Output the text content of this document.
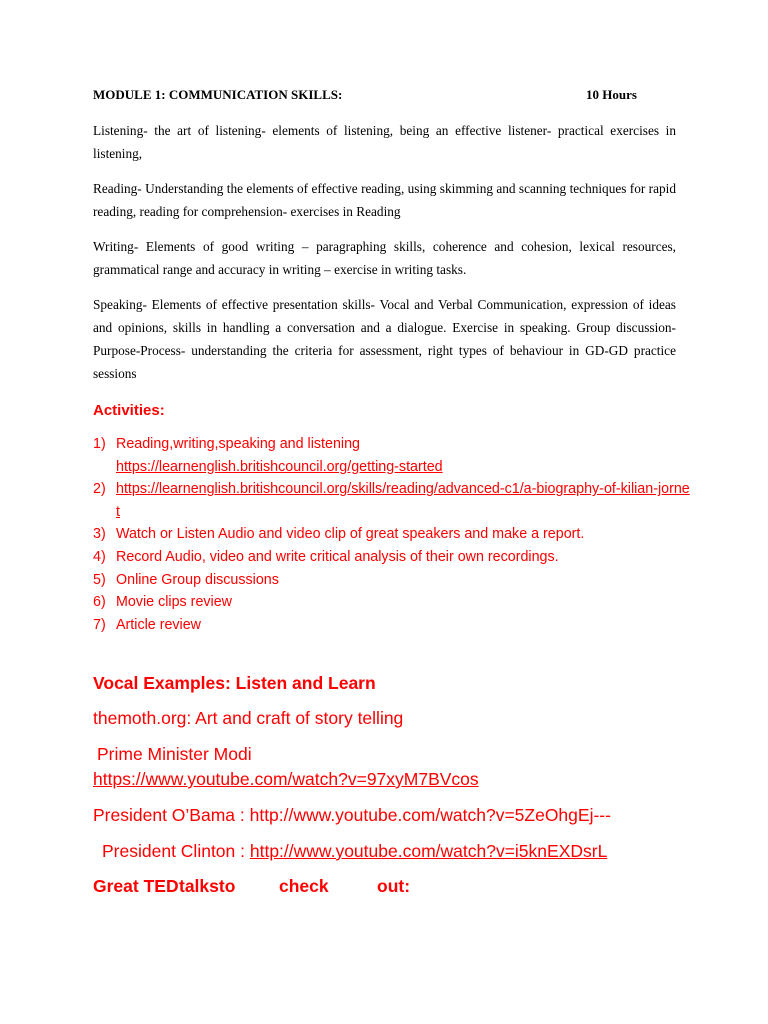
MODULE 1: COMMUNICATION SKILLS:	10 Hours
Listening- the art of listening- elements of listening, being an effective listener- practical exercises in listening,
Reading- Understanding the elements of effective reading, using skimming and scanning techniques for rapid reading, reading for comprehension- exercises in Reading
Writing- Elements of good writing – paragraphing skills, coherence and cohesion, lexical resources, grammatical range and accuracy in writing – exercise in writing tasks.
Speaking- Elements of effective presentation skills- Vocal and Verbal Communication, expression of ideas and opinions, skills in handling a conversation and a dialogue. Exercise in speaking. Group discussion- Purpose-Process- understanding the criteria for assessment, right types of behaviour in GD-GD practice sessions
Activities:
1) Reading,writing,speaking and listening
https://learnenglish.britishcouncil.org/getting-started
2) https://learnenglish.britishcouncil.org/skills/reading/advanced-c1/a-biography-of-kilian-jornet
3) Watch or Listen Audio and video clip of great speakers and make a report.
4) Record Audio, video and write critical analysis of their own recordings.
5) Online Group discussions
6) Movie clips review
7) Article review
Vocal Examples: Listen and Learn
themoth.org: Art and craft of story telling
Prime Minister Modi
https://www.youtube.com/watch?v=97xyM7BVcos
President O’Bama : http://www.youtube.com/watch?v=5ZeOhgEj---
President Clinton : http://www.youtube.com/watch?v=i5knEXDsrL
Great TEDtalksto check	out:
